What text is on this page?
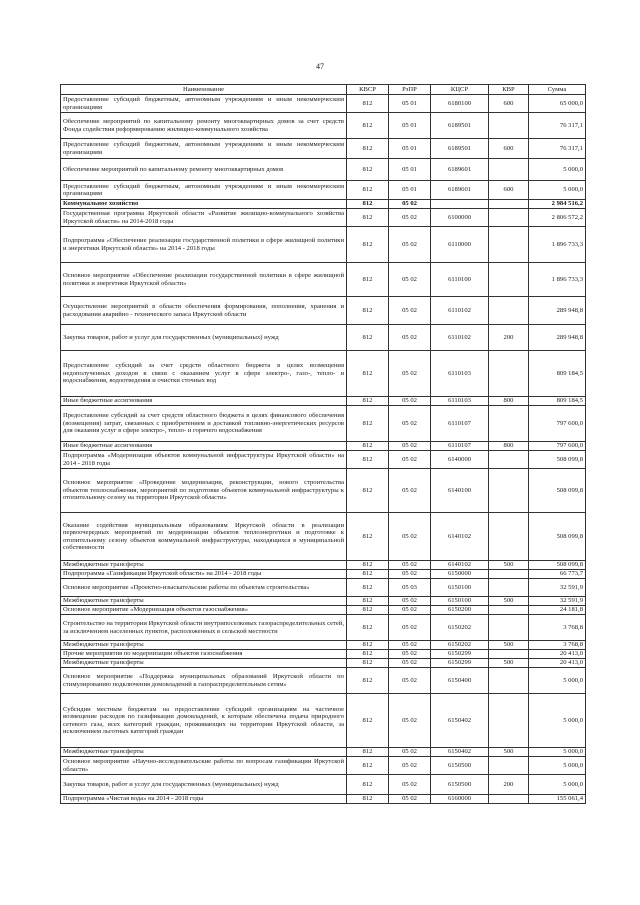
47
Наименование	КВСР	РзПР	КЦСР	КВР	Сумма
Предоставление субсидий бюджетным, автономным учреждениям и иным некоммерческим организациям	812	05 01	6180100	600	65 000,0
Обеспечение мероприятий по капитальному ремонту многоквартирных домов за счет средств Фонда содействия реформированию жилищно-коммунального хозяйства	812	05 01	6189501		76 317,1
Предоставление субсидий бюджетным, автономным учреждениям и иным некоммерческим организациям	812	05 01	6189501	600	76 317,1
Обеспечение мероприятий по капитальному ремонту многоквартирных домов	812	05 01	6189601		5 000,0
Предоставление субсидий бюджетным, автономным учреждениям и иным некоммерческим организациям	812	05 01	6189601	600	5 000,0
Коммунальное хозяйство	812	05 02			2 984 516,2
Государственная программа Иркутской области «Развитие жилищно-коммунального хозяйства Иркутской области» на 2014-2018 годы	812	05 02	6100000		2 806 572,2
Подпрограмма «Обеспечение реализации государственной политики в сфере жилищной политики и энергетики Иркутской области» на 2014 - 2018 годы	812	05 02	6110000		1 896 733,3
Основное мероприятие «Обеспечение реализации государственной политики в сфере жилищной политики и энергетики Иркутской области»	812	05 02	6110100		1 896 733,3
Осуществление мероприятий в области обеспечения формирования, пополнения, хранения и расходования аварийно - технического запаса Иркутской области	812	05 02	6110102		289 948,8
Закупка товаров, работ и услуг для государственных (муниципальных) нужд	812	05 02	6110102	200	289 948,8
Предоставление субсидий за счет средств областного бюджета в целях возмещения недополученных доходов в связи с оказанием услуг в сфере электро-, газо-, тепло- и водоснабжения, водоотведения и очистки сточных вод	812	05 02	6110103		809 184,5
Иные бюджетные ассигнования	812	05 02	6110103	800	809 184,5
Предоставление субсидий за счет средств областного бюджета в целях финансового обеспечения (возмещения) затрат, связанных с приобретением и доставкой топливно-энергетических ресурсов для оказания услуг в сфере электро-, тепло- и горячего водоснабжения	812	05 02	6110107		797 600,0
Иные бюджетные ассигнования	812	05 02	6110107	800	797 600,0
Подпрограмма «Модернизация объектов коммунальной инфраструктуры Иркутской области» на 2014 - 2018 годы	812	05 02	6140000		508 099,8
Основное мероприятие «Проведение модернизации, реконструкции, нового строительства объектов теплоснабжения, мероприятий по подготовке объектов коммунальной инфраструктуры к отопительному сезону на территории Иркутской области»	812	05 02	6140100		508 099,8
Оказание содействия муниципальным образованиям Иркутской области в реализации первоочередных мероприятий по модернизации объектов теплоэнергетики и подготовке к отопительному сезону объектов коммунальной инфраструктуры, находящихся в муниципальной собственности	812	05 02	6140102		508 099,8
Межбюджетные трансферты	812	05 02	6140102	500	508 099,8
Подпрограмма «Газификация Иркутской области» на 2014 - 2018 годы	812	05 02	6150000		66 773,7
Основное мероприятие «Проектно-изыскательские работы по объектам строительства»	812	05 03	6150100		32 591,9
Межбюджетные трансферты	812	05 02	6150100	500	32 591,9
Основное мероприятие «Модернизация объектов газоснабжения»	812	05 02	6150200		24 181,8
Строительство на территории Иркутской области внутрипоселковых газораспределительных сетей, за исключением населенных пунктов, расположенных в сельской местности	812	05 02	6150202		3 768,8
Межбюджетные трансферты	812	05 02	6150202	500	3 768,8
Прочие мероприятия по модернизации объектов газоснабжения	812	05 02	6150299		20 413,0
Межбюджетные трансферты	812	05 02	6150299	500	20 413,0
Основное мероприятие «Поддержка муниципальных образований Иркутской области по стимулированию подключения домовладений к газораспределительным сетям»	812	05 02	6150400		5 000,0
Субсидии местным бюджетам на предоставление субсидий организациям на частичное возмещение расходов по газификации домовладений, к которым обеспечена подача природного сетевого газа, всех категорий граждан, проживающих на территории Иркутской области, за исключением льготных категорий граждан	812	05 02	6150402		5 000,0
Межбюджетные трансферты	812	05 02	6150402	500	5 000,0
Основное мероприятие «Научно-исследовательские работы по вопросам газификации Иркутской области»	812	05 02	6150500		5 000,0
Закупка товаров, работ и услуг для государственных (муниципальных) нужд	812	05 02	6150500	200	5 000,0
Подпрограмма «Чистая вода» на 2014 - 2018 годы	812	05 02	6160000		155 061,4
